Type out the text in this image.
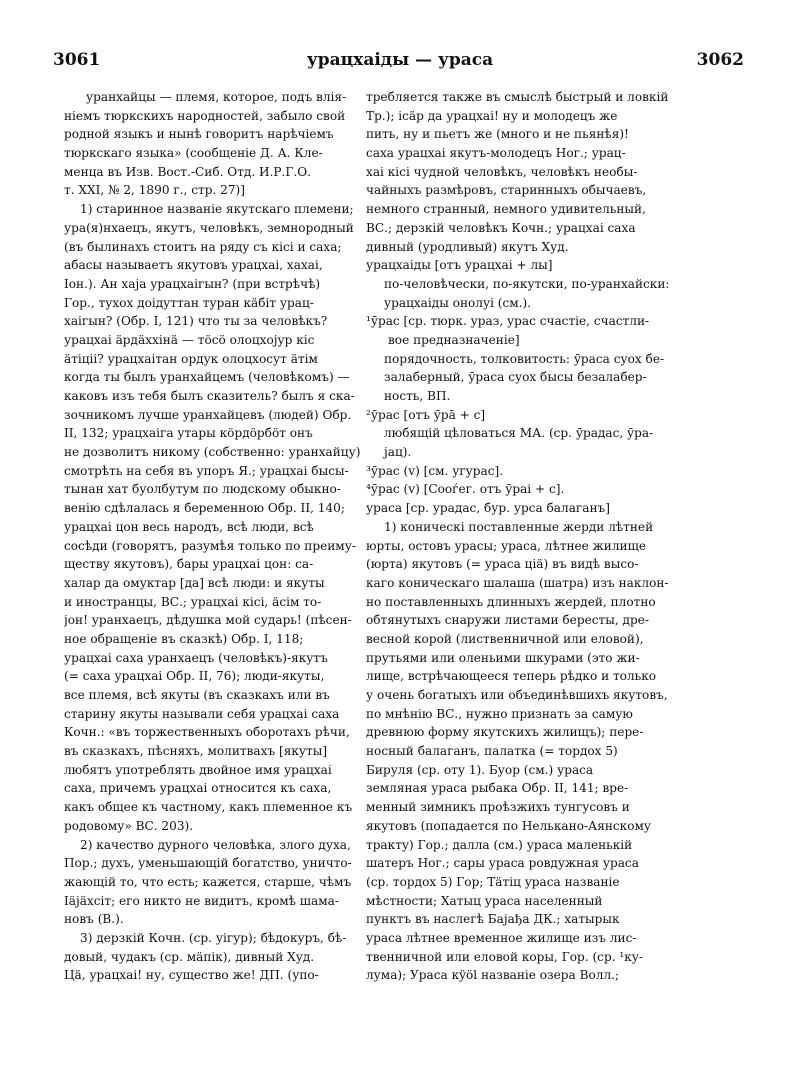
3061	урацхаiды — ураса	3062
уранхайцы — племя, которое, подъ влія-
ніемъ тюркскихъ народностей, забыло свой
родной языкъ и нынѣ говоритъ нарѣчіемъ
тюркскаго языка» (сообщеніе Д. А. Кле-
менца въ Изв. Вост.-Сиб. Отд. И.Р.Г.О.
т. XXI, № 2, 1890 г., стр. 27)]
1) старинное названіе якутскаго племени;
ура(я)нхаецъ, якутъ, человѣкъ, земнородный
(въ былинахъ стоитъ на ряду съ кісi и саха;
абасы называетъ якутовъ урацхаi, хахаi,
Іон.). Ан хаjа урацхаiгын? (при встрѣчѣ)
Гор., тухох доiдуттан туран кäбiт урац-
хаiгын? (Обр. I, 121) что ты за человѣкъ?
урацхаi äрдäххiнä — тöсö олоцхоjур кiс
äтiцiі? урацхаiтан ордук олоцхосут äтiм
когда ты былъ уранхайцемъ (человѣкомъ) —
каковъ изъ тебя былъ сказитель? былъ я ска-
зочникомъ лучше уранхайцевъ (людей) Обр.
II, 132; урацхаiга утары кöрдöрбöт онъ
не дозволитъ никому (собственно: уранхайцу)
смотрѣть на себя въ упоръ Я.; урацхаi бысы-
тынан хат буолбутум по людскому обыкно-
венію сдѣлалась я беременною Обр. II, 140;
урацхаi цон весь народъ, всѣ люди, всѣ
сосѣди (говорятъ, разумѣя только по преиму-
ществу якутовъ), бары урацхаi цон: са-
халар да омуктар [да] всѣ люди: и якуты
и иностранцы, ВС.; урацхаi кісi, äсiм то-
јон! уранхаецъ, дѣдушка мой сударь! (пѣсен-
ное обращеніе въ сказкѣ) Обр. I, 118;
урацхаi саха уранхаецъ (человѣкъ)-якутъ
(= саха урацхаi Обр. II, 76); люди-якуты,
все племя, всѣ якуты (въ сказкахъ или въ
старину якуты называли себя урацхаi саха
Кочн.: «въ торжественныхъ оборотахъ рѣчи,
въ сказкахъ, пѣсняхъ, молитвахъ [якуты]
любятъ употреблять двойное имя урацхаi
саха, причемъ урацхаi относится къ саха,
какъ общее къ частному, какъ племенное къ
родовому» ВС. 203).
2) качество дурного человѣка, злого духа,
Пор.; духъ, уменьшающій богатство, уничто-
жающій то, что есть; кажется, старше, чѣмъ
Іäjäхсiт; его никто не видитъ, кромѣ шама-
новъ (В.).
3) дерзкій Кочн. (ср. уiгур); бѣдокуръ, бѣ-
довый, чудакъ (ср. мäпiк), дивный Худ.
Цä, урацхаi! ну, существо же! ДП. (упо-
требляется также въ смыслѣ быстрый и ловкій
Тр.); iсäр да урацхаi! ну и молодецъ же
пить, ну и пьетъ же (много и не пьянѣя)!
саха урацхаi якутъ-молодецъ Ног.; урац-
хаi кісi чудной человѣкъ, человѣкъ необы-
чайныхъ размѣровъ, старинныхъ обычаевъ,
немного странный, немного удивительный,
ВС.; дерзкій человѣкъ Кочн.; урацхаi саха
дивный (уродливый) якутъ Худ.
урацхаiды [отъ урацхаi + лы]
по-человѣчески, по-якутски, по-уранхайски:
урацхаiды онолуi (см.).
¹ӯрас [ср. тюрк. ураз, урас счастіе, счастли-
вое предназначеніе]
порядочность, толковитость: ӯраса суох бе-
залаберный, ӯраса суох бысы безалабер-
ность, ВП.
²ӯрас [отъ ӯрā + с]
любящій цѣловаться МА. (ср. ӯрадас, ӯра-
jац).
³ӯрас (v) [см. угурас].
⁴ӯрас (v) [Сооѓег. отъ ӯраi + с].
ураса [ср. урадас, бур. урса балаганъ]
1) коническі поставленные жерди лѣтней
юрты, остовъ урасы; ураса, лѣтнее жилище
(юрта) якутовъ (= ураса цiä) въ видѣ высо-
каго коническаго шалаша (шатра) изъ наклон-
но поставленныхъ длинныхъ жердей, плотно
обтянутыхъ снаружи листами бересты, дре-
весной корой (лиственничной или еловой),
прутьями или оленьими шкурами (это жи-
лище, встрѣчающееся теперь рѣдко и только
у очень богатыхъ или объединѣвшихъ якутовъ,
по мнѣнію ВС., нужно признать за самую
древнюю форму якутскихъ жилищъ); пере-
носный балаганъ, палатка (= тордох 5)
Бируля (ср. оту 1). Буор (см.) ураса
земляная ураса рыбака Обр. II, 141; вре-
менный зимникъ проѣзжихъ тунгусовъ и
якутовъ (попадается по Нелькано-Аянскому
тракту) Гор.; далла (см.) ураса маленькій
шатеръ Ног.; сары ураса ровдужная ураса
(ср. тордох 5) Гор; Тäтiц ураса названіе
мѣстности; Хатыц ураса населенный
пунктъ въ наслегѣ Бајађа ДК.; хатырык
ураса лѣтнее временное жилище изъ лис-
твенничной или еловой коры, Гор. (ср. ¹ку-
лума); Ураса кÿöl названіе озера Волл.;
